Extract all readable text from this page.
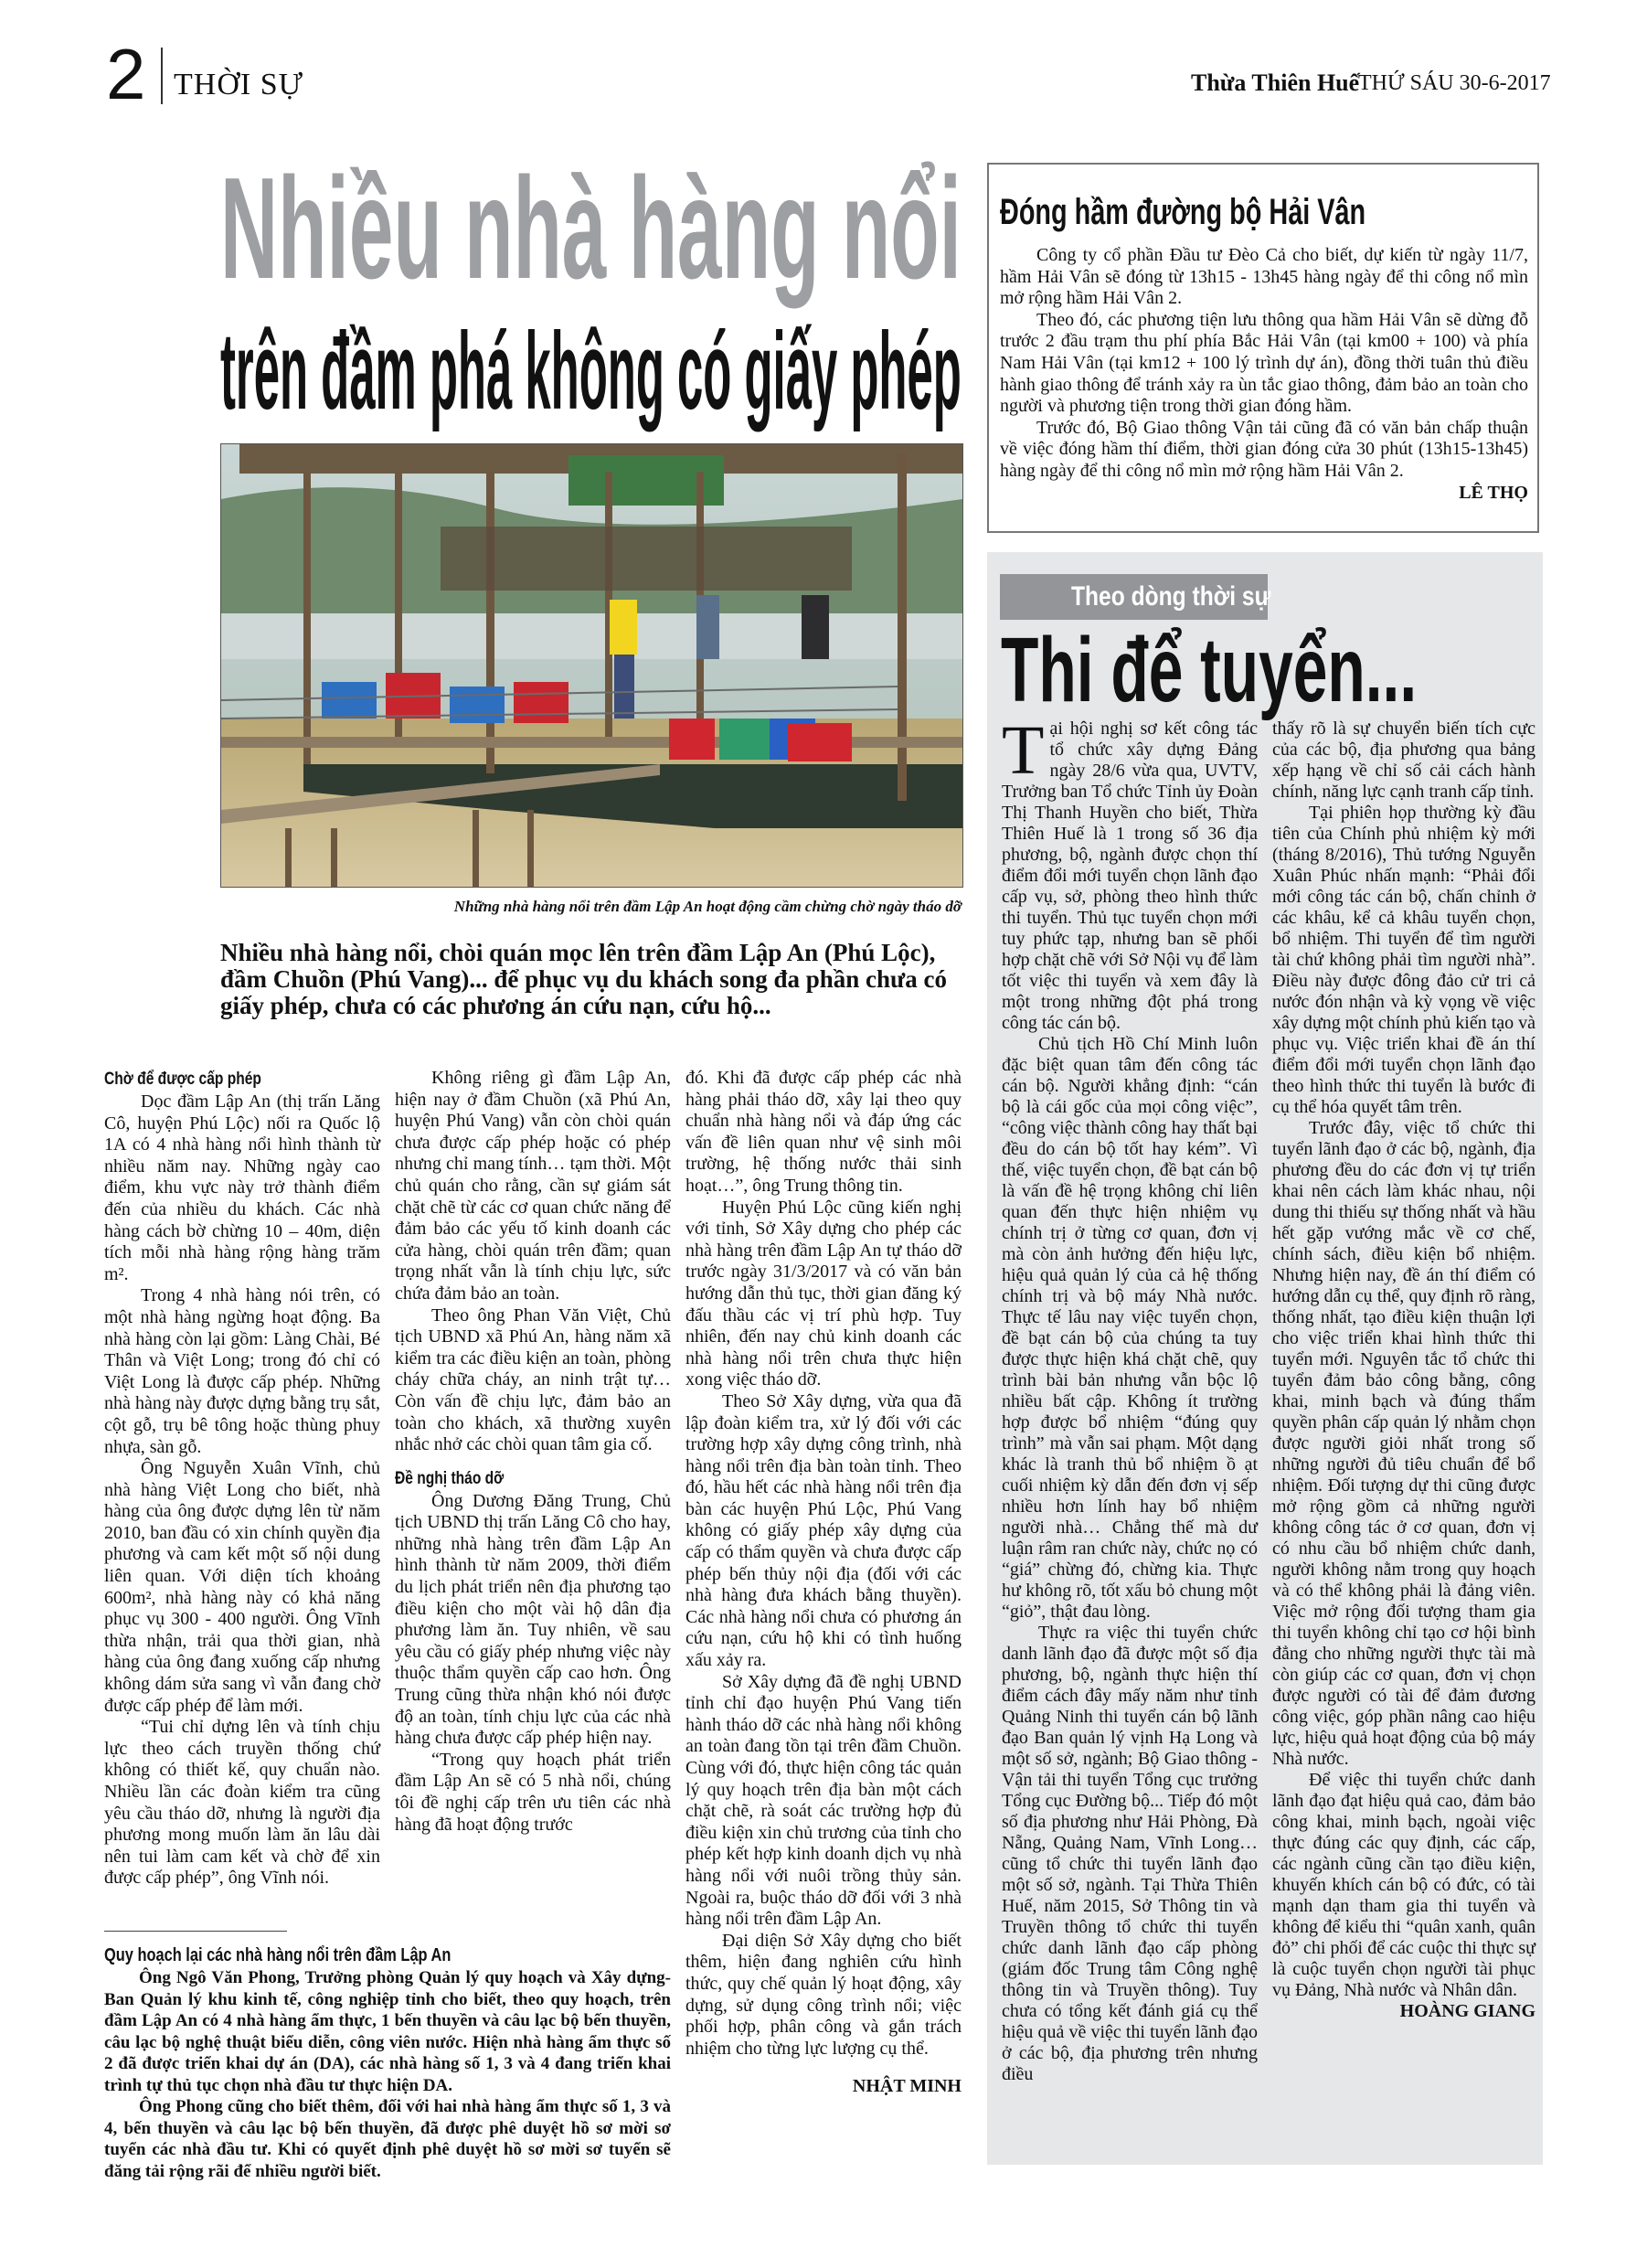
2 THỜI SỰ	Thừa Thiên Huế
THỨ SÁU 30-6-2017
Nhiều nhà hàng nổi
trên đầm phá không có giấy phép
Những nhà hàng nổi trên đầm Lập An hoạt động cầm chừng chờ ngày tháo dỡ
Nhiều nhà hàng nổi, chòi quán mọc lên trên đầm Lập An (Phú Lộc), đầm Chuồn (Phú Vang)... để phục vụ du khách song đa phần chưa có giấy phép, chưa có các phương án cứu nạn, cứu hộ...
Chờ để được cấp phép

Dọc đầm Lập An (thị trấn Lăng Cô, huyện Phú Lộc) nối ra Quốc lộ 1A có 4 nhà hàng nổi hình thành từ nhiều năm nay. Những ngày cao điểm, khu vực này trở thành điểm đến của nhiều du khách. Các nhà hàng cách bờ chừng 10 – 40m, diện tích mỗi nhà hàng rộng hàng trăm m².

Trong 4 nhà hàng nói trên, có một nhà hàng ngừng hoạt động. Ba nhà hàng còn lại gồm: Làng Chài, Bé Thân và Việt Long; trong đó chỉ có Việt Long là được cấp phép. Những nhà hàng này được dựng bằng trụ sắt, cột gỗ, trụ bê tông hoặc thùng phuy nhựa, sàn gỗ.

Ông Nguyễn Xuân Vĩnh, chủ nhà hàng Việt Long cho biết, nhà hàng của ông được dựng lên từ năm 2010, ban đầu có xin chính quyền địa phương và cam kết một số nội dung liên quan. Với diện tích khoảng 600m², nhà hàng này có khả năng phục vụ 300 - 400 người. Ông Vĩnh thừa nhận, trải qua thời gian, nhà hàng của ông đang xuống cấp nhưng không dám sửa sang vì vẫn đang chờ được cấp phép để làm mới.

“Tui chỉ dựng lên và tính chịu lực theo cách truyền thống chứ không có thiết kế, quy chuẩn nào. Nhiều lần các đoàn kiểm tra cũng yêu cầu tháo dỡ, nhưng là người địa phương mong muốn làm ăn lâu dài nên tui làm cam kết và chờ để xin được cấp phép”, ông Vĩnh nói.

Không riêng gì đầm Lập An, hiện nay ở đầm Chuồn (xã Phú An, huyện Phú Vang) vẫn còn chòi quán chưa được cấp phép hoặc có phép nhưng chỉ mang tính… tạm thời. Một chủ quán cho rằng, cần sự giám sát chặt chẽ từ các cơ quan chức năng để đảm bảo các yếu tố kinh doanh các cửa hàng, chòi quán trên đầm; quan trọng nhất vẫn là tính chịu lực, sức chứa đảm bảo an toàn.

Theo ông Phan Văn Việt, Chủ tịch UBND xã Phú An, hàng năm xã kiểm tra các điều kiện an toàn, phòng cháy chữa cháy, an ninh trật tự… Còn vấn đề chịu lực, đảm bảo an toàn cho khách, xã thường xuyên nhắc nhở các chòi quan tâm gia cố.

Đề nghị tháo dỡ

Ông Dương Đăng Trung, Chủ tịch UBND thị trấn Lăng Cô cho hay, những nhà hàng trên đầm Lập An hình thành từ năm 2009, thời điểm du lịch phát triển nên địa phương tạo điều kiện cho một vài hộ dân địa phương làm ăn. Tuy nhiên, về sau yêu cầu có giấy phép nhưng việc này thuộc thẩm quyền cấp cao hơn. Ông Trung cũng thừa nhận khó nói được độ an toàn, tính chịu lực của các nhà hàng chưa được cấp phép hiện nay.

“Trong quy hoạch phát triển đầm Lập An sẽ có 5 nhà nổi, chúng tôi đề nghị cấp trên ưu tiên các nhà hàng đã hoạt động trước

đó. Khi đã được cấp phép các nhà hàng phải tháo dỡ, xây lại theo quy chuẩn nhà hàng nổi và đáp ứng các vấn đề liên quan như vệ sinh môi trường, hệ thống nước thải sinh hoạt…”, ông Trung thông tin.

Huyện Phú Lộc cũng kiến nghị với tỉnh, Sở Xây dựng cho phép các nhà hàng trên đầm Lập An tự tháo dỡ trước ngày 31/3/2017 và có văn bản hướng dẫn thủ tục, thời gian đăng ký đấu thầu các vị trí phù hợp. Tuy nhiên, đến nay chủ kinh doanh các nhà hàng nổi trên chưa thực hiện xong việc tháo dỡ.

Theo Sở Xây dựng, vừa qua đã lập đoàn kiểm tra, xử lý đối với các trường hợp xây dựng công trình, nhà hàng nổi trên địa bàn toàn tỉnh. Theo đó, hầu hết các nhà hàng nổi trên địa bàn các huyện Phú Lộc, Phú Vang không có giấy phép xây dựng của cấp có thẩm quyền và chưa được cấp phép bến thủy nội địa (đối với các nhà hàng đưa khách bằng thuyền). Các nhà hàng nổi chưa có phương án cứu nạn, cứu hộ khi có tình huống xấu xảy ra.

Sở Xây dựng đã đề nghị UBND tỉnh chỉ đạo huyện Phú Vang tiến hành tháo dỡ các nhà hàng nổi không an toàn đang tồn tại trên đầm Chuồn. Cùng với đó, thực hiện công tác quản lý quy hoạch trên địa bàn một cách chặt chẽ, rà soát các trường hợp đủ điều kiện xin chủ trương của tỉnh cho phép kết hợp kinh doanh dịch vụ nhà hàng nổi với nuôi trồng thủy sản. Ngoài ra, buộc tháo dỡ đối với 3 nhà hàng nổi trên đầm Lập An.

Đại diện Sở Xây dựng cho biết thêm, hiện đang nghiên cứu hình thức, quy chế quản lý hoạt động, xây dựng, sử dụng công trình nổi; việc phối hợp, phân công và gắn trách nhiệm cho từng lực lượng cụ thể.

NHẬT MINH
Quy hoạch lại các nhà hàng nổi trên đầm Lập An

Ông Ngô Văn Phong, Trưởng phòng Quản lý quy hoạch và Xây dựng- Ban Quản lý khu kinh tế, công nghiệp tỉnh cho biết, theo quy hoạch, trên đầm Lập An có 4 nhà hàng ẩm thực, 1 bến thuyền và câu lạc bộ bến thuyền, câu lạc bộ nghệ thuật biểu diễn, công viên nước. Hiện nhà hàng ẩm thực số 2 đã được triển khai dự án (DA), các nhà hàng số 1, 3 và 4 đang triển khai trình tự thủ tục chọn nhà đầu tư thực hiện DA.

Ông Phong cũng cho biết thêm, đối với hai nhà hàng ẩm thực số 1, 3 và 4, bến thuyền và câu lạc bộ bến thuyền, đã được phê duyệt hồ sơ mời sơ tuyển các nhà đầu tư. Khi có quyết định phê duyệt hồ sơ mời sơ tuyển sẽ đăng tải rộng rãi để nhiều người biết.

Đóng hầm đường bộ Hải Vân

Công ty cổ phần Đầu tư Đèo Cả cho biết, dự kiến từ ngày 11/7, hầm Hải Vân sẽ đóng từ 13h15 - 13h45 hàng ngày để thi công nổ mìn mở rộng hầm Hải Vân 2.

Theo đó, các phương tiện lưu thông qua hầm Hải Vân sẽ dừng đỗ trước 2 đầu trạm thu phí phía Bắc Hải Vân (tại km00 + 100) và phía Nam Hải Vân (tại km12 + 100 lý trình dự án), đồng thời tuân thủ điều hành giao thông để tránh xảy ra ùn tắc giao thông, đảm bảo an toàn cho người và phương tiện trong thời gian đóng hầm.

Trước đó, Bộ Giao thông Vận tải cũng đã có văn bản chấp thuận về việc đóng hầm thí điểm, thời gian đóng cửa 30 phút (13h15-13h45) hàng ngày để thi công nổ mìn mở rộng hầm Hải Vân 2.

LÊ THỌ
Theo dòng thời sự
Thi để tuyển...

Tại hội nghị sơ kết công tác tổ chức xây dựng Đảng ngày 28/6 vừa qua, UVTV, Trưởng ban Tổ chức Tỉnh ủy Đoàn Thị Thanh Huyền cho biết, Thừa Thiên Huế là 1 trong số 36 địa phương, bộ, ngành được chọn thí điểm đổi mới tuyển chọn lãnh đạo cấp vụ, sở, phòng theo hình thức thi tuyển. Thủ tục tuyển chọn mới tuy phức tạp, nhưng ban sẽ phối hợp chặt chẽ với Sở Nội vụ để làm tốt việc thi tuyển và xem đây là một trong những đột phá trong công tác cán bộ.

Chủ tịch Hồ Chí Minh luôn đặc biệt quan tâm đến công tác cán bộ. Người khẳng định: “cán bộ là cái gốc của mọi công việc”, “công việc thành công hay thất bại đều do cán bộ tốt hay kém”. Vì thế, việc tuyển chọn, đề bạt cán bộ là vấn đề hệ trọng không chỉ liên quan đến thực hiện nhiệm vụ chính trị ở từng cơ quan, đơn vị mà còn ảnh hưởng đến hiệu lực, hiệu quả quản lý của cả hệ thống chính trị và bộ máy Nhà nước. Thực tế lâu nay việc tuyển chọn, đề bạt cán bộ của chúng ta tuy được thực hiện khá chặt chẽ, quy trình bài bản nhưng vẫn bộc lộ nhiều bất cập. Không ít trường hợp được bổ nhiệm “đúng quy trình” mà vẫn sai phạm. Một dạng khác là tranh thủ bổ nhiệm ồ ạt cuối nhiệm kỳ dẫn đến đơn vị sếp nhiều hơn lính hay bổ nhiệm người nhà… Chẳng thế mà dư luận râm ran chức này, chức nọ có “giá” chừng đó, chừng kia. Thực hư không rõ, tốt xấu bỏ chung một “giỏ”, thật đau lòng.

Thực ra việc thi tuyển chức danh lãnh đạo đã được một số địa phương, bộ, ngành thực hiện thí điểm cách đây mấy năm như tỉnh Quảng Ninh thi tuyển cán bộ lãnh đạo Ban quản lý vịnh Hạ Long và một số sở, ngành; Bộ Giao thông - Vận tải thi tuyển Tổng cục trưởng Tổng cục Đường bộ... Tiếp đó một số địa phương như Hải Phòng, Đà Nẵng, Quảng Nam, Vĩnh Long… cũng tổ chức thi tuyển lãnh đạo một số sở, ngành. Tại Thừa Thiên Huế, năm 2015, Sở Thông tin và Truyền thông tổ chức thi tuyển chức danh lãnh đạo cấp phòng (giám đốc Trung tâm Công nghệ thông tin và Truyền thông). Tuy chưa có tổng kết đánh giá cụ thể hiệu quả về việc thi tuyển lãnh đạo ở các bộ, địa phương trên nhưng điều

thấy rõ là sự chuyển biến tích cực của các bộ, địa phương qua bảng xếp hạng về chỉ số cải cách hành chính, năng lực cạnh tranh cấp tỉnh.

Tại phiên họp thường kỳ đầu tiên của Chính phủ nhiệm kỳ mới (tháng 8/2016), Thủ tướng Nguyễn Xuân Phúc nhấn mạnh: “Phải đổi mới công tác cán bộ, chấn chỉnh ở các khâu, kể cả khâu tuyển chọn, bổ nhiệm. Thi tuyển để tìm người tài chứ không phải tìm người nhà”. Điều này được đông đảo cử tri cả nước đón nhận và kỳ vọng về việc xây dựng một chính phủ kiến tạo và phục vụ. Việc triển khai đề án thí điểm đổi mới tuyển chọn lãnh đạo theo hình thức thi tuyển là bước đi cụ thể hóa quyết tâm trên.

Trước đây, việc tổ chức thi tuyển lãnh đạo ở các bộ, ngành, địa phương đều do các đơn vị tự triển khai nên cách làm khác nhau, nội dung thi thiếu sự thống nhất và hầu hết gặp vướng mắc về cơ chế, chính sách, điều kiện bổ nhiệm. Nhưng hiện nay, đề án thí điểm có hướng dẫn cụ thể, quy định rõ ràng, thống nhất, tạo điều kiện thuận lợi cho việc triển khai hình thức thi tuyển mới. Nguyên tắc tổ chức thi tuyển đảm bảo công bằng, công khai, minh bạch và đúng thẩm quyền phân cấp quản lý nhằm chọn được người giỏi nhất trong số những người đủ tiêu chuẩn để bổ nhiệm. Đối tượng dự thi cũng được mở rộng gồm cả những người không công tác ở cơ quan, đơn vị có nhu cầu bổ nhiệm chức danh, người không nằm trong quy hoạch và có thể không phải là đảng viên. Việc mở rộng đối tượng tham gia thi tuyển không chỉ tạo cơ hội bình đẳng cho những người thực tài mà còn giúp các cơ quan, đơn vị chọn được người có tài để đảm đương công việc, góp phần nâng cao hiệu lực, hiệu quả hoạt động của bộ máy Nhà nước.

Để việc thi tuyển chức danh lãnh đạo đạt hiệu quả cao, đảm bảo công khai, minh bạch, ngoài việc thực đúng các quy định, các cấp, các ngành cũng cần tạo điều kiện, khuyến khích cán bộ có đức, có tài mạnh dạn tham gia thi tuyển và không để kiểu thi “quân xanh, quân đỏ” chi phối để các cuộc thi thực sự là cuộc tuyển chọn người tài phục vụ Đảng, Nhà nước và Nhân dân.

HOÀNG GIANG
